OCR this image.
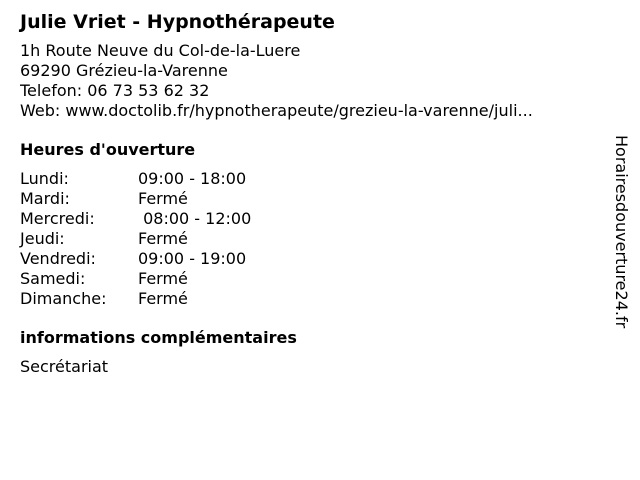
Julie Vriet - Hypnothérapeute
1h Route Neuve du Col-de-la-Luere
69290 Grézieu-la-Varenne
Telefon: 06 73 53 62 32
Web: www.doctolib.fr/hypnotherapeute/grezieu-la-varenne/juli...
Heures d'ouverture
Lundi:	09:00 - 18:00
Mardi:	Fermé
Mercredi:	08:00 - 12:00
Jeudi:	Fermé
Vendredi:	09:00 - 19:00
Samedi:	Fermé
Dimanche:	Fermé
informations complémentaires
Secrétariat
Horairesdouverture24.fr
